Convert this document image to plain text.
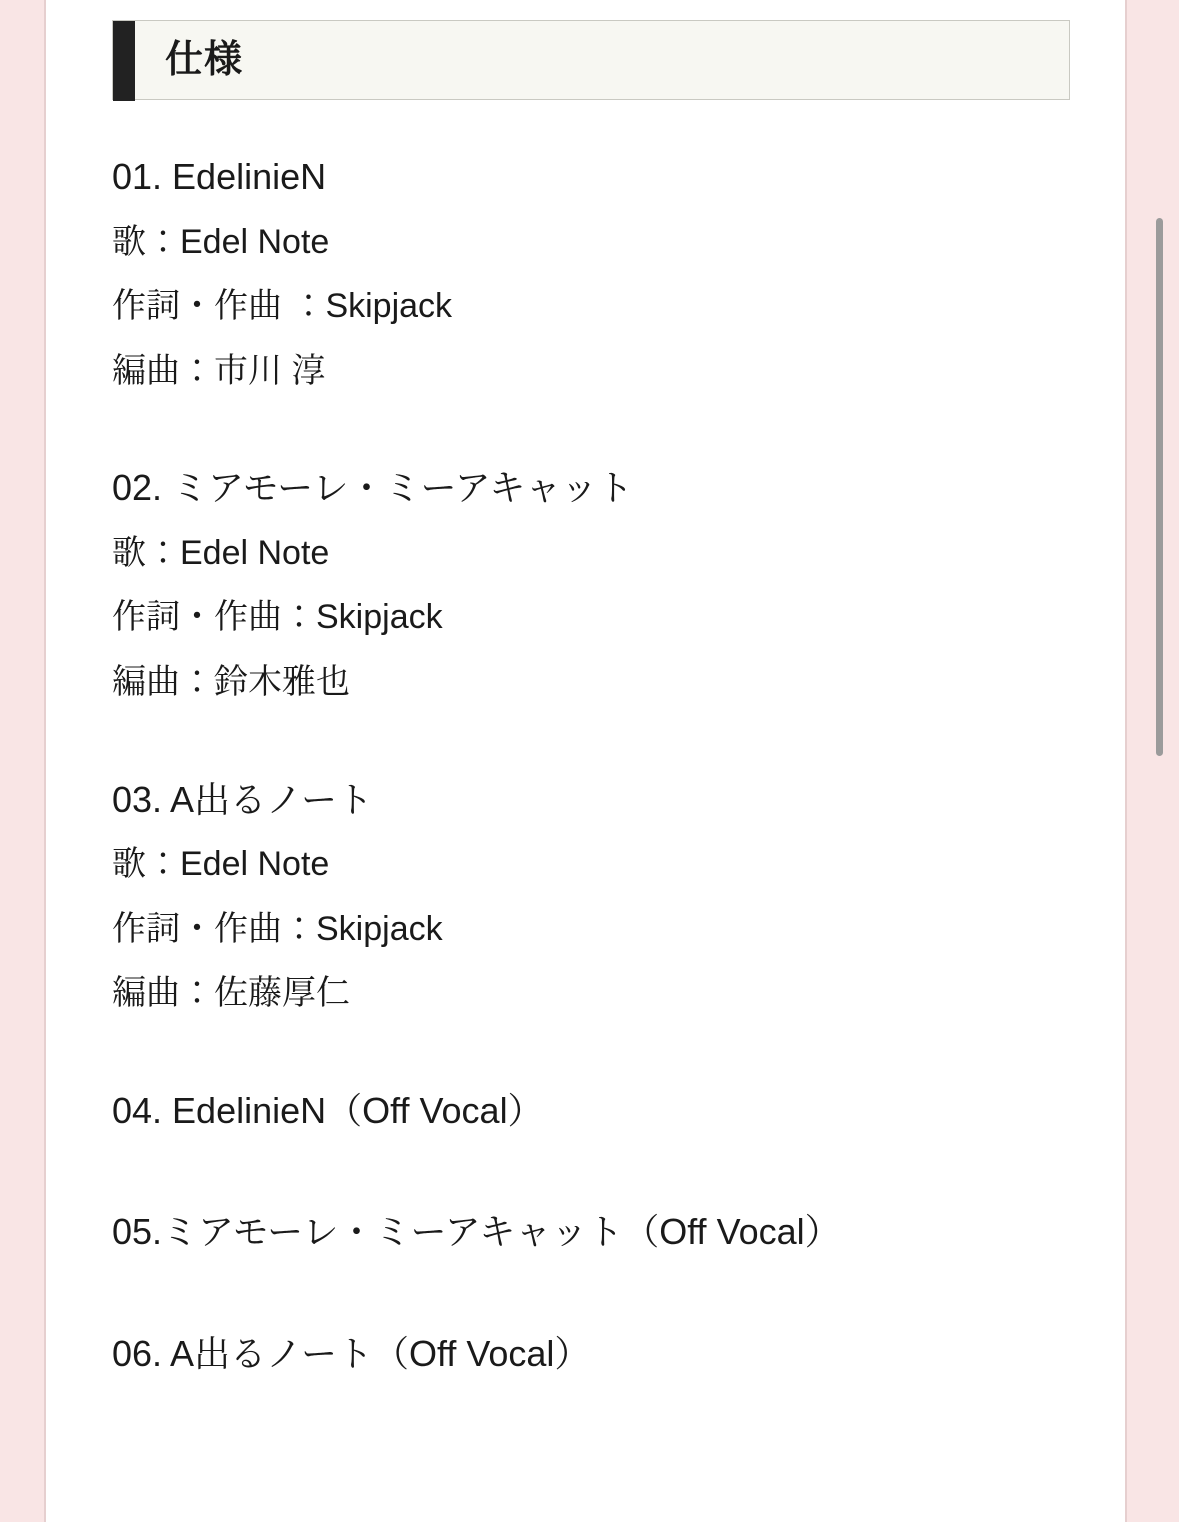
仕様
01. EdelinieN
歌：Edel Note
作詞・作曲 ：Skipjack
編曲：市川 淳
02. ミアモーレ・ミーアキャット
歌：Edel Note
作詞・作曲：Skipjack
編曲：鈴木雅也
03. A出るノート
歌：Edel Note
作詞・作曲：Skipjack
編曲：佐藤厚仁
04. EdelinieN（Off Vocal）
05.ミアモーレ・ミーアキャット（Off Vocal）
06. A出るノート（Off Vocal）
